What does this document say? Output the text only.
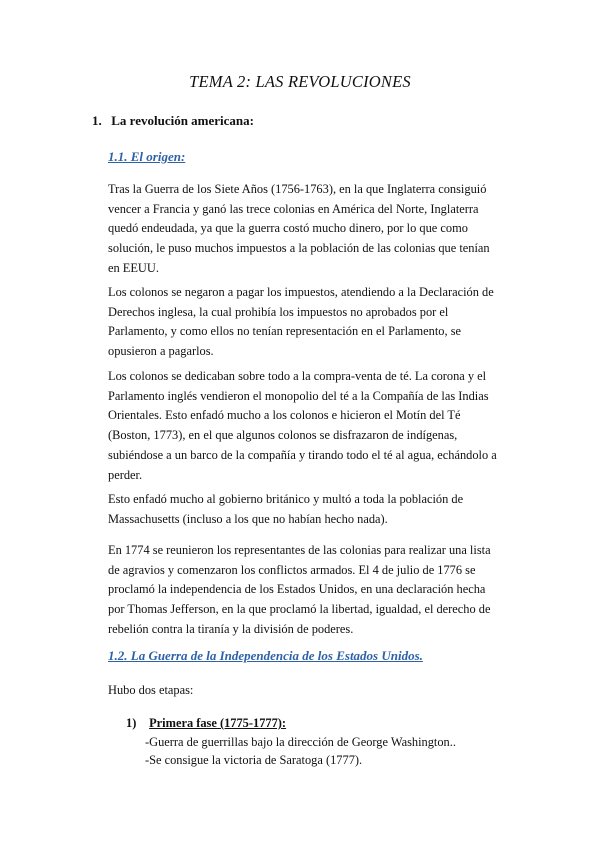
TEMA 2: LAS REVOLUCIONES
1. La revolución americana:
1.1. El origen:
Tras la Guerra de los Siete Años (1756-1763), en la que Inglaterra consiguió
vencer a Francia y ganó las trece colonias en América del Norte, Inglaterra
quedó endeudada, ya que la guerra costó mucho dinero, por lo que como
solución, le puso muchos impuestos a la población de las colonias que tenían
en EEUU.
Los colonos se negaron a pagar los impuestos, atendiendo a la Declaración de
Derechos inglesa, la cual prohibía los impuestos no aprobados por el
Parlamento, y como ellos no tenían representación en el Parlamento, se
opusieron a pagarlos.
Los colonos se dedicaban sobre todo a la compra-venta de té. La corona y el
Parlamento inglés vendieron el monopolio del té a la Compañía de las Indias
Orientales. Esto enfadó mucho a los colonos e hicieron el Motín del Té
(Boston, 1773), en el que algunos colonos se disfrazaron de indígenas,
subiéndose a un barco de la compañía y tirando todo el té al agua, echándolo a
perder.
Esto enfadó mucho al gobierno británico y multó a toda la población de
Massachusetts (incluso a los que no habían hecho nada).
En 1774 se reunieron los representantes de las colonias para realizar una lista
de agravios y comenzaron los conflictos armados. El 4 de julio de 1776 se
proclamó la independencia de los Estados Unidos, en una declaración hecha
por Thomas Jefferson, en la que proclamó la libertad, igualdad, el derecho de
rebelión contra la tiranía y la división de poderes.
1.2. La Guerra de la Independencia de los Estados Unidos.
Hubo dos etapas:
1) Primera fase (1775-1777):
-Guerra de guerrillas bajo la dirección de George Washington..
-Se consigue la victoria de Saratoga (1777).
